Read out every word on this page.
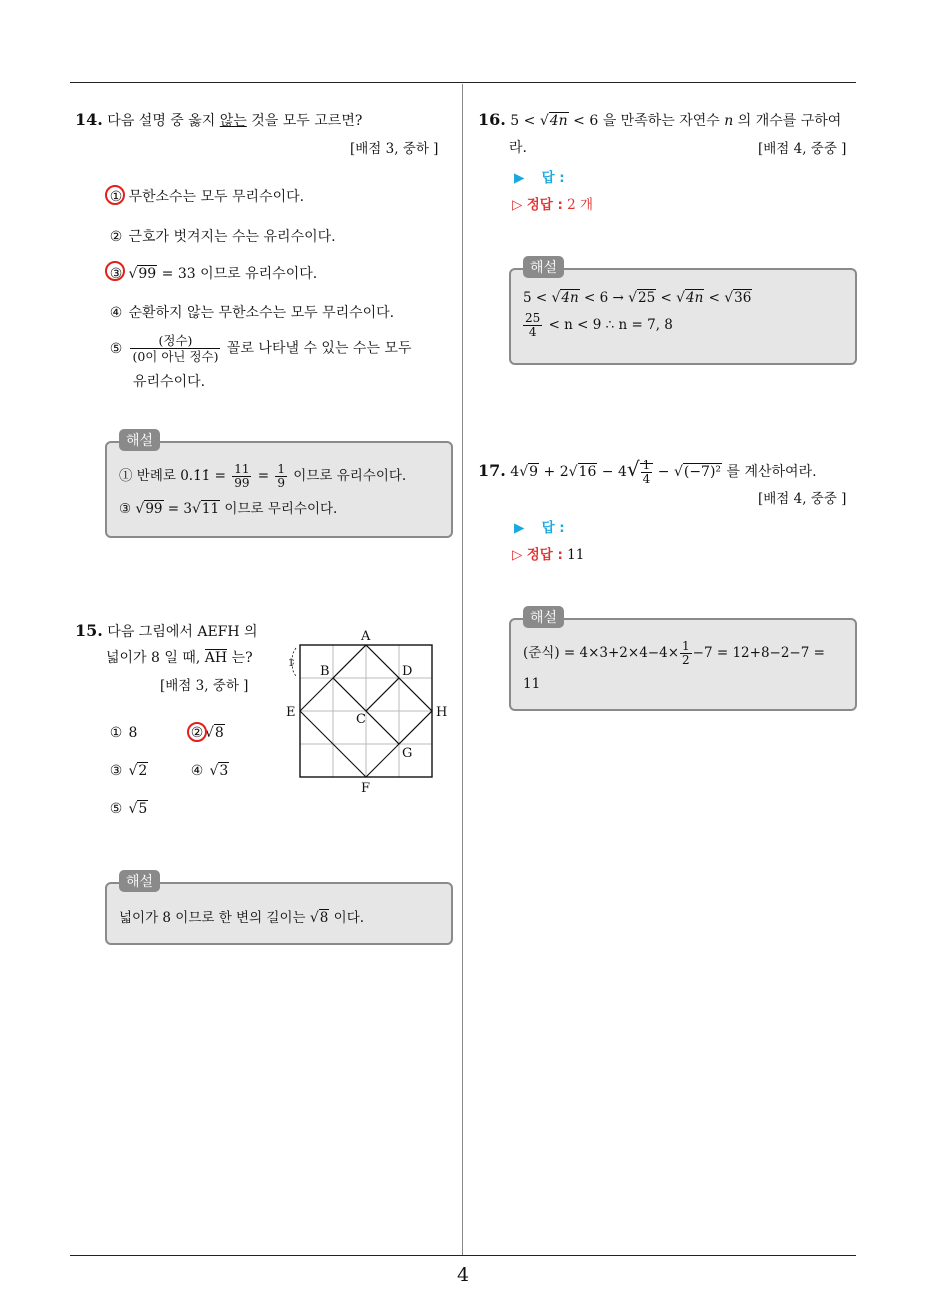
4
14. 다음 설명 중 옳지 않는 것을 모두 고르면?
[배점 3, 중하 ]
① 무한소수는 모두 무리수이다.
② 근호가 벗겨지는 수는 유리수이다.
③ √99 = 33 이므로 유리수이다.
④ 순환하지 않는 무한소수는 모두 무리수이다.
⑤ $\frac{\text{(정수)}}{\text{(0이 아닌 정수)}}$ 꼴로 나타낼 수 있는 수는 모두
유리수이다.
해설
① 반례로 0.1̇1̇ = $\frac{11}{99} = \frac{1}{9}$ 이므로 유리수이다.
③ √99 = 3√11 이므로 무리수이다.
15. 다음 그림에서 AEFH 의
넓이가 8 일 때, AH 는?
[배점 3, 중하 ]
① 8	② √8
③ √2	④ √3
⑤ √5
A
B
C
D
E
F
G
H
1
해설
넓이가 8 이므로 한 변의 길이는 √8 이다.
16. 5 < √4n < 6 을 만족하는 자연수 n 의 개수를 구하여
라.	[배점 4, 중중 ]
▶ 답 :
▷ 정답 : 2 개
해설
5 < √4n < 6 → √25 < √4n < √36
$\frac{25}{4} < n < 9$ ∴ n = 7, 8
17. $4√9 + 2√16 - 4√ \frac{1}{4} - √(-7)^2$ 를 계산하여라.
[배점 4, 중중 ]
▶ 답 :
▷ 정답 : 11
해설
(준식) = $4\times 3+2\times 4-4\times \frac{1}{2} -7 = 12+8-2-7$ =
11
